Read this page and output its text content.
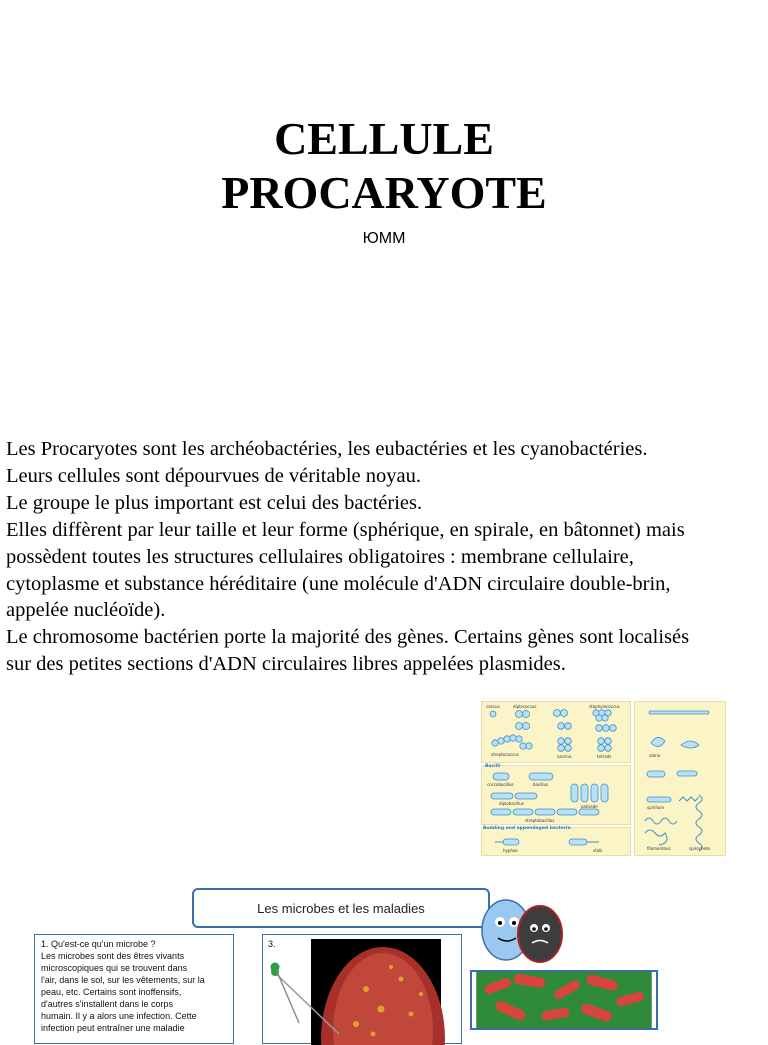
CELLULE
PROCARYOTE
ЮММ
Les Procaryotes sont les archéobactéries, les eubactéries et les cyanobactéries.
Leurs cellules sont dépourvues de véritable noyau.
Le groupe le plus important est celui des bactéries.
Elles diffèrent par leur taille et leur forme (sphérique, en spirale, en bâtonnet) mais
possèdent toutes les structures cellulaires obligatoires : membrane cellulaire,
cytoplasme et substance héréditaire (une molécule d'ADN circulaire double-brin,
appelée nucléoïde).
Le chromosome bactérien porte la majorité des gènes. Certains gènes sont localisés
sur des petites sections d'ADN circulaires libres appelées plasmides.
coccus	diplococcus	staphylococcus
streptococcus	sarcina	tetrads
Bacilli
coccobacillus	bacillus
diplobacillus
palisade
streptobacillus
Budding and appendaged bacteria
hyphae	stalk
vibrio
spirillum
filamentous	spirochete
Les microbes et les maladies
1. Qu'est-ce qu'un microbe ?
Les microbes sont des êtres vivants
microscopiques qui se trouvent dans
l'air, dans le sol, sur les vêtements, sur la
peau, etc. Certains sont inoffensifs,
d'autres s'installent dans le corps
humain. Il y a alors une infection. Cette
infection peut entraîner une maladie
3.
